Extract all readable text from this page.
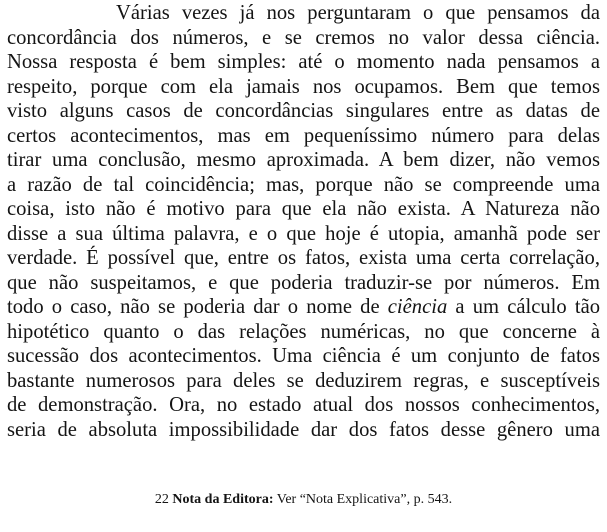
Várias vezes já nos perguntaram o que pensamos da
concordância dos números, e se cremos no valor dessa ciência.
Nossa resposta é bem simples: até o momento nada pensamos a
respeito, porque com ela jamais nos ocupamos. Bem que temos
visto alguns casos de concordâncias singulares entre as datas de
certos acontecimentos, mas em pequeníssimo número para delas
tirar uma conclusão, mesmo aproximada. A bem dizer, não vemos
a razão de tal coincidência; mas, porque não se compreende uma
coisa, isto não é motivo para que ela não exista. A Natureza não
disse a sua última palavra, e o que hoje é utopia, amanhã pode ser
verdade. É possível que, entre os fatos, exista uma certa correlação,
que não suspeitamos, e que poderia traduzir-se por números. Em
todo o caso, não se poderia dar o nome de ciência a um cálculo tão
hipotético quanto o das relações numéricas, no que concerne à
sucessão dos acontecimentos. Uma ciência é um conjunto de fatos
bastante numerosos para deles se deduzirem regras, e susceptíveis
de demonstração. Ora, no estado atual dos nossos conhecimentos,
seria de absoluta impossibilidade dar dos fatos desse gênero uma
22 Nota da Editora: Ver “Nota Explicativa”, p. 543.
